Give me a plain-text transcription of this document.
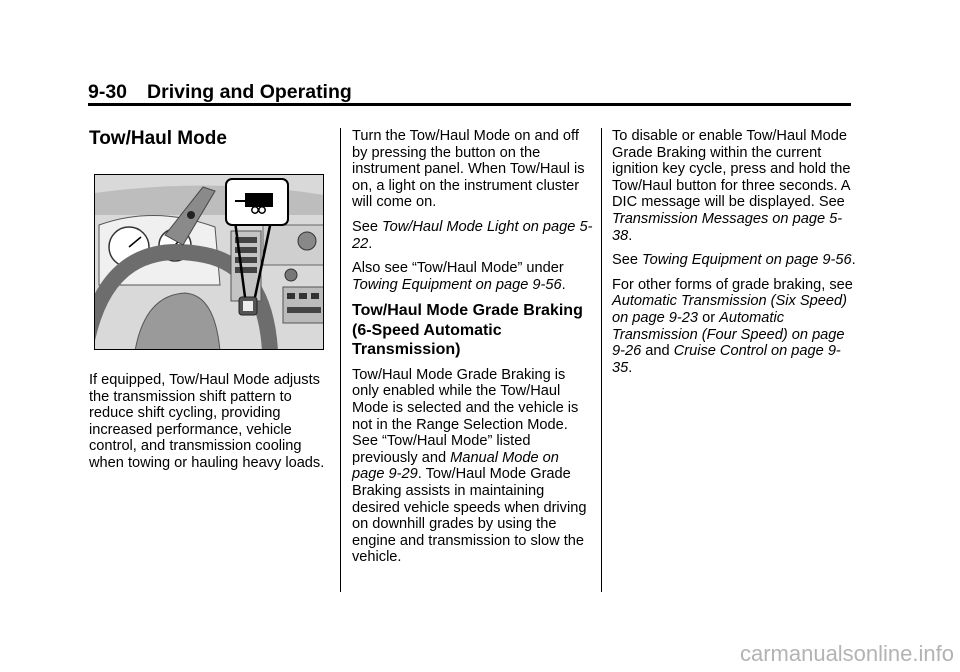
9-30 Driving and Operating
Tow/Haul Mode

If equipped, Tow/Haul Mode adjusts the transmission shift pattern to reduce shift cycling, providing increased performance, vehicle control, and transmission cooling when towing or hauling heavy loads.

Turn the Tow/Haul Mode on and off by pressing the button on the instrument panel. When Tow/Haul is on, a light on the instrument cluster will come on.

See Tow/Haul Mode Light on page 5-22.

Also see “Tow/Haul Mode” under Towing Equipment on page 9-56.

Tow/Haul Mode Grade Braking (6-Speed Automatic Transmission)

Tow/Haul Mode Grade Braking is only enabled while the Tow/Haul Mode is selected and the vehicle is not in the Range Selection Mode. See “Tow/Haul Mode” listed previously and Manual Mode on page 9-29. Tow/Haul Mode Grade Braking assists in maintaining desired vehicle speeds when driving on downhill grades by using the engine and transmission to slow the vehicle.

To disable or enable Tow/Haul Mode Grade Braking within the current ignition key cycle, press and hold the Tow/Haul button for three seconds. A DIC message will be displayed. See Transmission Messages on page 5-38.

See Towing Equipment on page 9-56.

For other forms of grade braking, see Automatic Transmission (Six Speed) on page 9-23 or Automatic Transmission (Four Speed) on page 9-26 and Cruise Control on page 9-35.

carmanualsonline.info
